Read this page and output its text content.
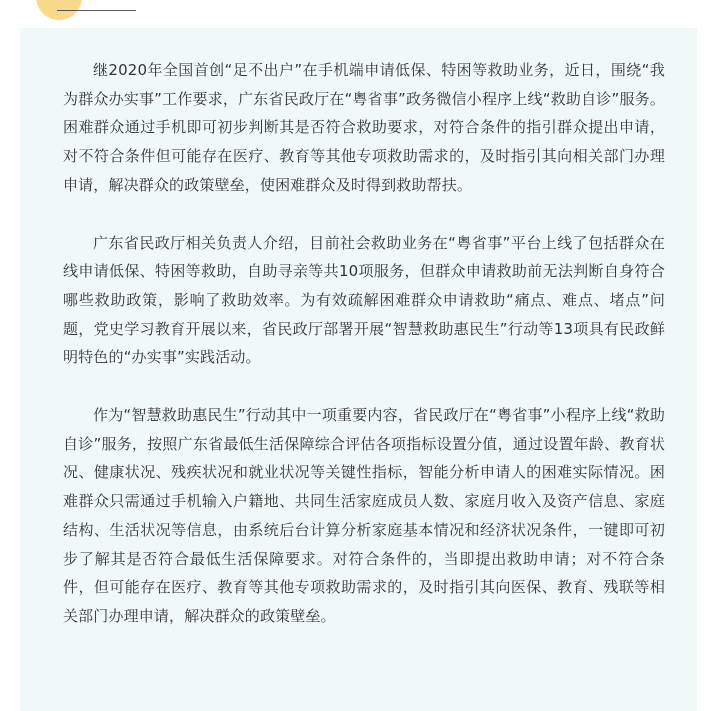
继2020年全国首创“足不出户”在手机端申请低保、特困等救助业务，近日，围绕“我为群众办实事”工作要求，广东省民政厅在“粤省事”政务微信小程序上线“救助自诊”服务。困难群众通过手机即可初步判断其是否符合救助要求，对符合条件的指引群众提出申请，对不符合条件但可能存在医疗、教育等其他专项救助需求的，及时指引其向相关部门办理申请，解决群众的政策壁垒，使困难群众及时得到救助帮扶。

广东省民政厅相关负责人介绍，目前社会救助业务在“粤省事”平台上线了包括群众在线申请低保、特困等救助，自助寻亲等共10项服务，但群众申请救助前无法判断自身符合哪些救助政策，影响了救助效率。为有效疏解困难群众申请救助“痛点、难点、堵点”问题，党史学习教育开展以来，省民政厅部署开展“智慧救助惠民生”行动等13项具有民政鲜明特色的“办实事”实践活动。

作为“智慧救助惠民生”行动其中一项重要内容，省民政厅在“粤省事”小程序上线“救助自诊”服务，按照广东省最低生活保障综合评估各项指标设置分值，通过设置年龄、教育状况、健康状况、残疾状况和就业状况等关键性指标，智能分析申请人的困难实际情况。困难群众只需通过手机输入户籍地、共同生活家庭成员人数、家庭月收入及资产信息、家庭结构、生活状况等信息，由系统后台计算分析家庭基本情况和经济状况条件，一键即可初步了解其是否符合最低生活保障要求。对符合条件的，当即提出救助申请；对不符合条件，但可能存在医疗、教育等其他专项救助需求的，及时指引其向医保、教育、残联等相关部门办理申请，解决群众的政策壁垒。
